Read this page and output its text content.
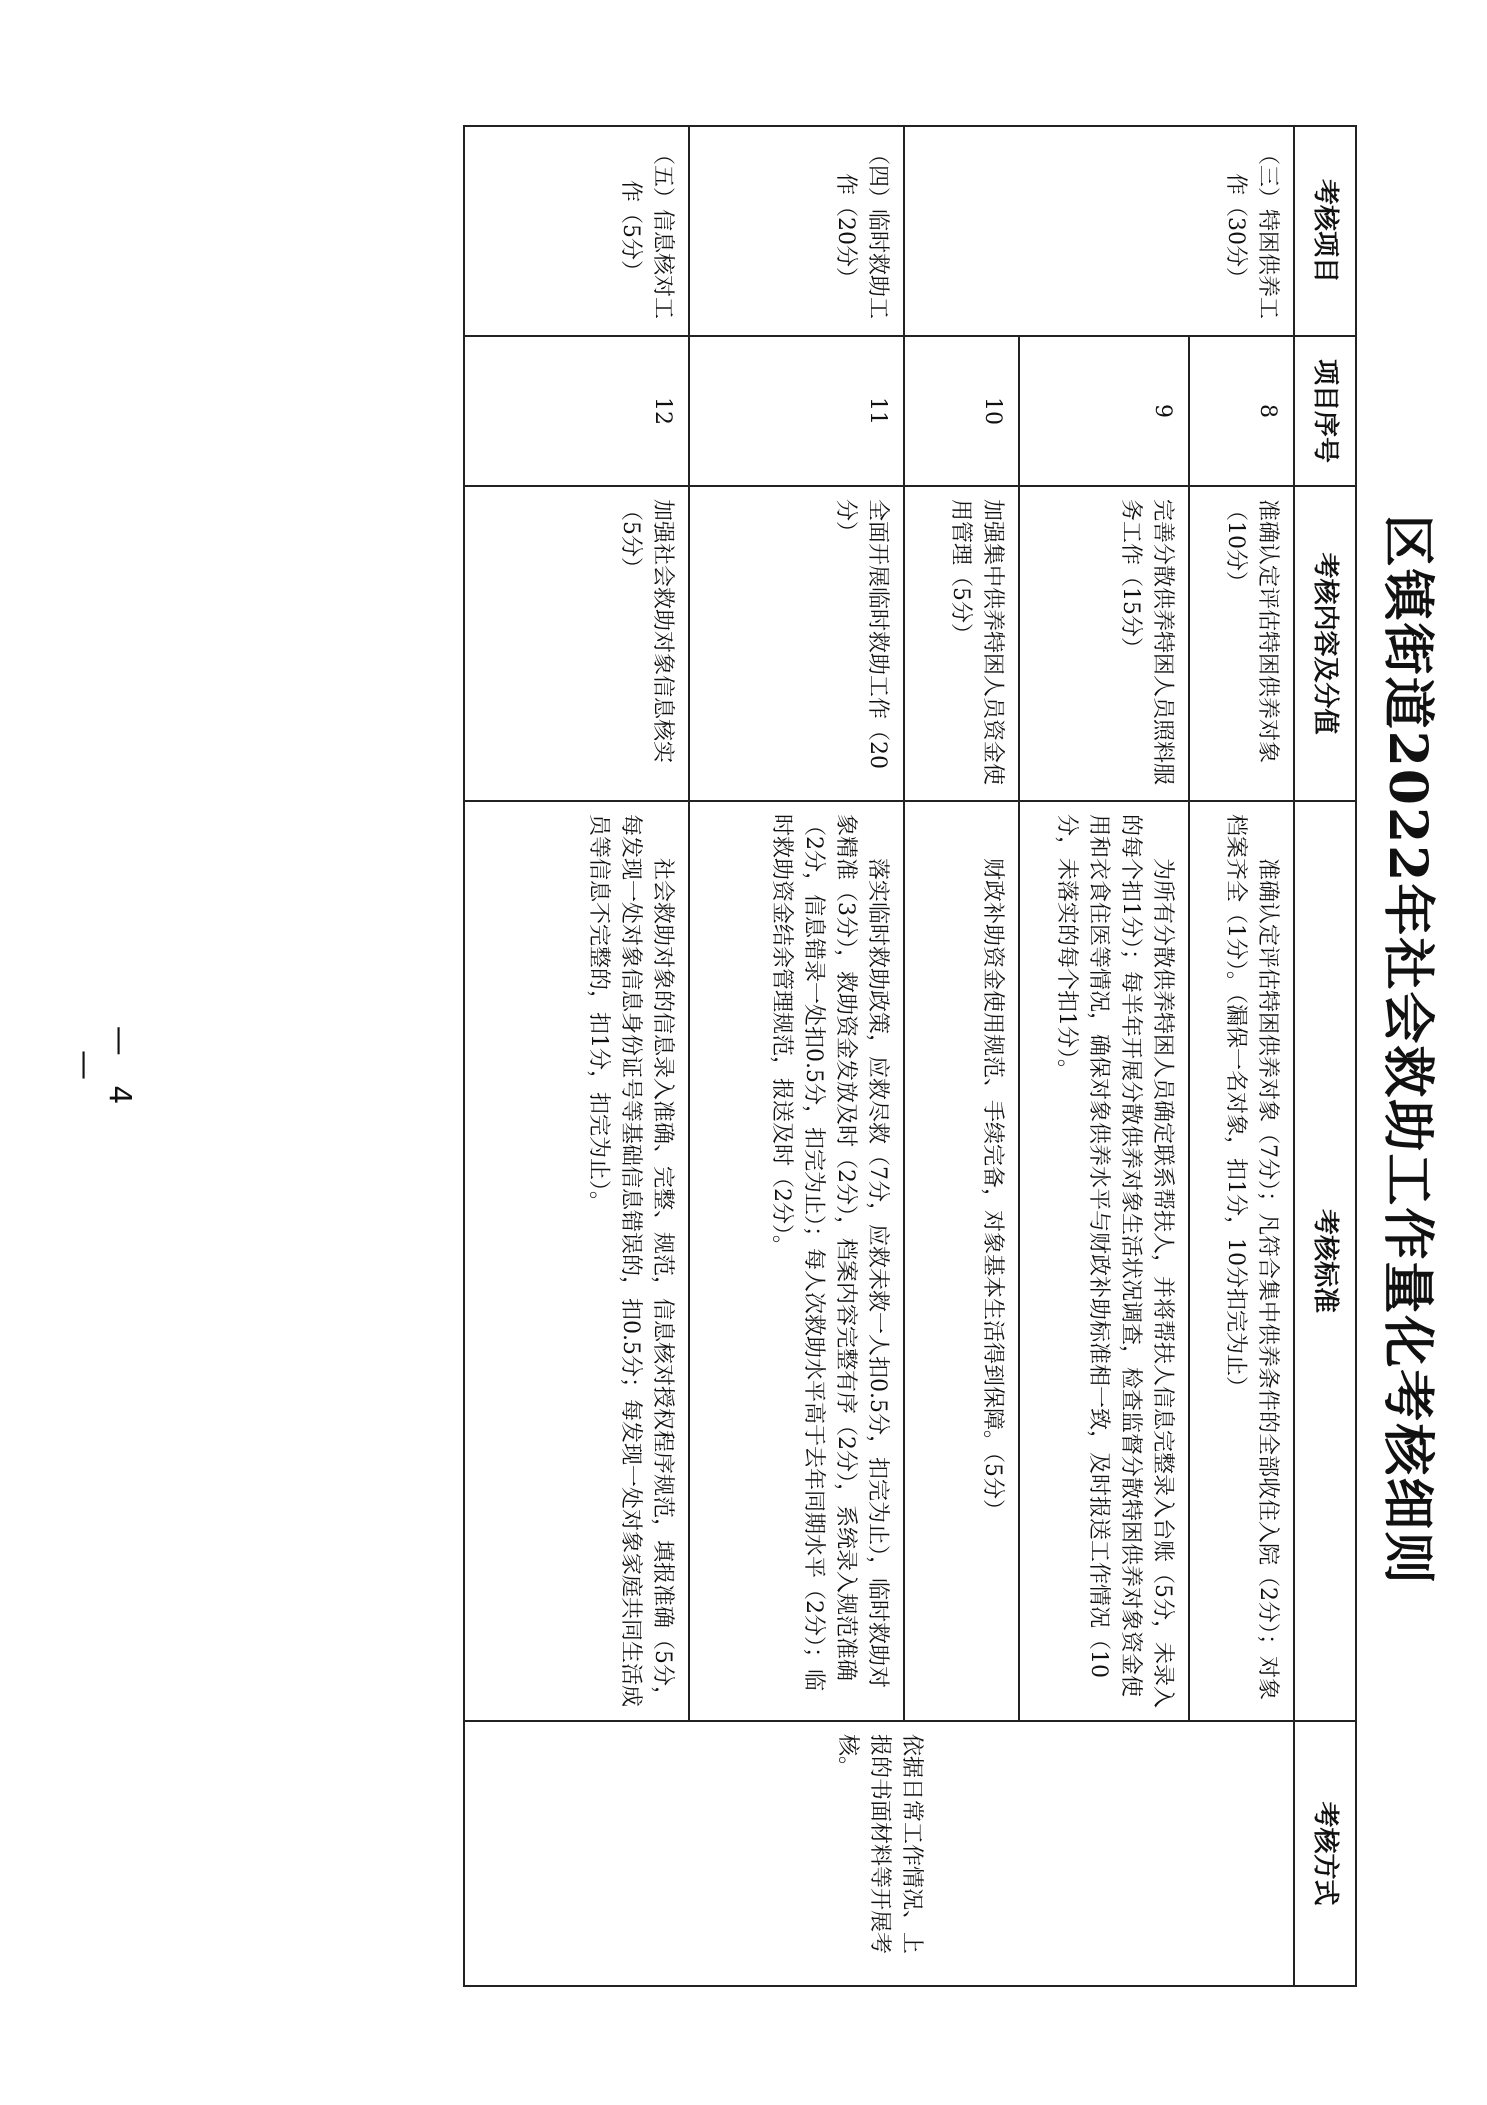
区镇街道2022年社会救助工作量化考核细则
考核项目	项目序号	考核内容及分值	考核标准	考核方式
（三）特困供养工作（30分）	8	准确认定评估特困供养对象（10分）	准确认定评估特困供养对象（7分）；凡符合集中供养条件的全部收住入院（2分）；对象档案齐全（1分）。（漏保一名对象，扣1分，10分扣完为止）	依据日常工作情况、上报的书面材料等开展考核。
	9	完善分散供养特困人员照料服务工作（15分）	为所有分散供养特困人员确定联系帮扶人，并将帮扶人信息完整录入台账（5分，未录入的每个扣1分）；每半年开展分散供养对象生活状况调查，检查监督分散特困供养对象资金使用和衣食住医等情况，确保对象供养水平与财政补助标准相一致，及时报送工作情况（10分，未落实的每个扣1分）。	
	10	加强集中供养特困人员资金使用管理（5分）	财政补助资金使用规范、手续完备，对象基本生活得到保障。（5分）	
（四）临时救助工作（20分）	11	全面开展临时救助工作（20分）	落实临时救助政策，应救尽救（7分，应救未救一人扣0.5分，扣完为止），临时救助对象精准（3分），救助资金发放及时（2分），档案内容完整有序（2分），系统录入规范准确（2分，信息错录一处扣0.5分，扣完为止）；每人次救助水平高于去年同期水平（2分）；临时救助资金结余管理规范，报送及时（2分）。	
（五）信息核对工作（5分）	12	加强社会救助对象信息核实（5分）	社会救助对象的信息录入准确、完整、规范，信息核对授权程序规范，填报准确（5分，每发现一处对象信息身份证号等基础信息错误的，扣0.5分；每发现一处对象家庭共同生活成员等信息不完整的，扣1分，扣完为止）。	
— 4 —
